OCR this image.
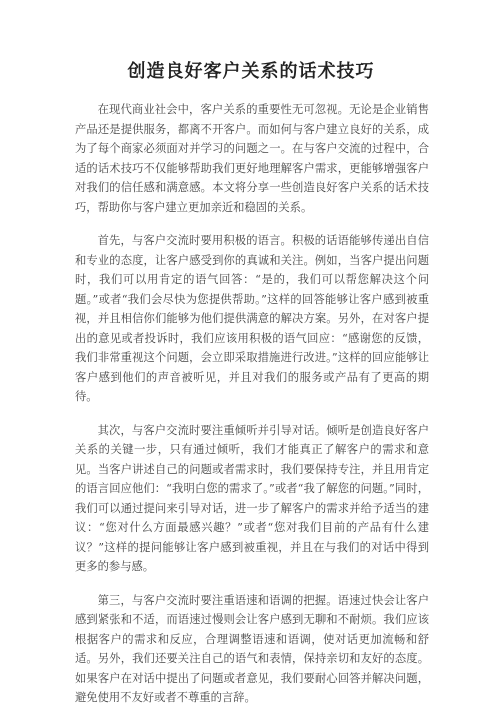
创造良好客户关系的话术技巧

在现代商业社会中，客户关系的重要性无可忽视。无论是企业销售产品还是提供服务，都离不开客户。而如何与客户建立良好的关系，成为了每个商家必须面对并学习的问题之一。在与客户交流的过程中，合适的话术技巧不仅能够帮助我们更好地理解客户需求，更能够增强客户对我们的信任感和满意感。本文将分享一些创造良好客户关系的话术技巧，帮助你与客户建立更加亲近和稳固的关系。

首先，与客户交流时要用积极的语言。积极的话语能够传递出自信和专业的态度，让客户感受到你的真诚和关注。例如，当客户提出问题时，我们可以用肯定的语气回答：“是的，我们可以帮您解决这个问题。”或者“我们会尽快为您提供帮助。”这样的回答能够让客户感到被重视，并且相信你们能够为他们提供满意的解决方案。另外，在对客户提出的意见或者投诉时，我们应该用积极的语气回应：“感谢您的反馈，我们非常重视这个问题，会立即采取措施进行改进。”这样的回应能够让客户感到他们的声音被听见，并且对我们的服务或产品有了更高的期待。

其次，与客户交流时要注重倾听并引导对话。倾听是创造良好客户关系的关键一步，只有通过倾听，我们才能真正了解客户的需求和意见。当客户讲述自己的问题或者需求时，我们要保持专注，并且用肯定的语言回应他们：“我明白您的需求了。”或者“我了解您的问题。”同时，我们可以通过提问来引导对话，进一步了解客户的需求并给予适当的建议：“您对什么方面最感兴趣？”或者“您对我们目前的产品有什么建议？”这样的提问能够让客户感到被重视，并且在与我们的对话中得到更多的参与感。

第三，与客户交流时要注重语速和语调的把握。语速过快会让客户感到紧张和不适，而语速过慢则会让客户感到无聊和不耐烦。我们应该根据客户的需求和反应，合理调整语速和语调，使对话更加流畅和舒适。另外，我们还要关注自己的语气和表情，保持亲切和友好的态度。如果客户在对话中提出了问题或者意见，我们要耐心回答并解决问题，避免使用不友好或者不尊重的言辞。
